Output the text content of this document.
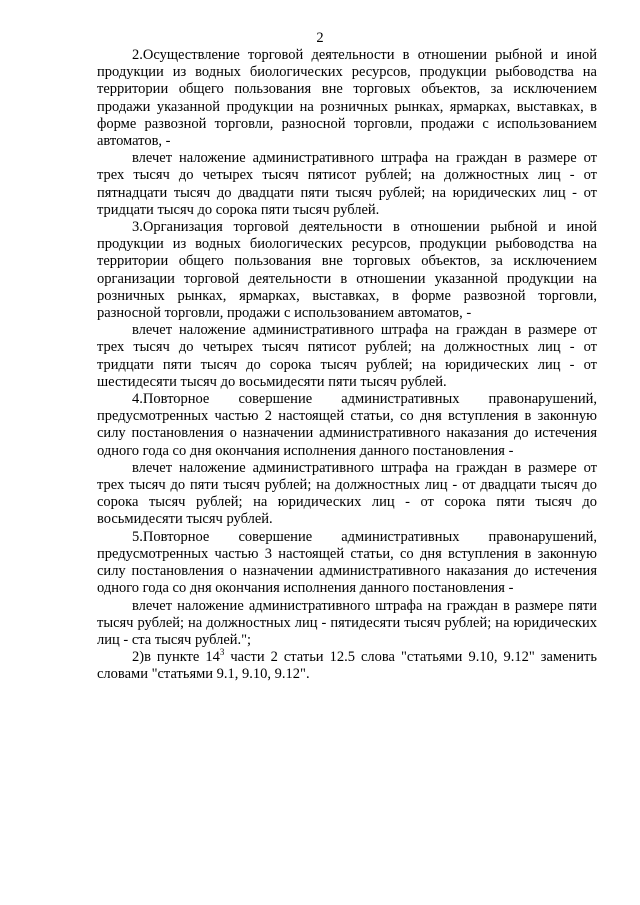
2

2.Осуществление торговой деятельности в отношении рыбной и иной продукции из водных биологических ресурсов, продукции рыбоводства на территории общего пользования вне торговых объектов, за исключением продажи указанной продукции на розничных рынках, ярмарках, выставках, в форме развозной торговли, разносной торговли, продажи с использованием автоматов, -

влечет наложение административного штрафа на граждан в размере от трех тысяч до четырех тысяч пятисот рублей; на должностных лиц - от пятнадцати тысяч до двадцати пяти тысяч рублей; на юридических лиц - от тридцати тысяч до сорока пяти тысяч рублей.

3.Организация торговой деятельности в отношении рыбной и иной продукции из водных биологических ресурсов, продукции рыбоводства на территории общего пользования вне торговых объектов, за исключением организации торговой деятельности в отношении указанной продукции на розничных рынках, ярмарках, выставках, в форме развозной торговли, разносной торговли, продажи с использованием автоматов, -

влечет наложение административного штрафа на граждан в размере от трех тысяч до четырех тысяч пятисот рублей; на должностных лиц - от тридцати пяти тысяч до сорока тысяч рублей; на юридических лиц - от шестидесяти тысяч до восьмидесяти пяти тысяч рублей.

4.Повторное совершение административных правонарушений, предусмотренных частью 2 настоящей статьи, со дня вступления в законную силу постановления о назначении административного наказания до истечения одного года со дня окончания исполнения данного постановления -

влечет наложение административного штрафа на граждан в размере от трех тысяч до пяти тысяч рублей; на должностных лиц - от двадцати тысяч до сорока тысяч рублей; на юридических лиц - от сорока пяти тысяч до восьмидесяти тысяч рублей.

5.Повторное совершение административных правонарушений, предусмотренных частью 3 настоящей статьи, со дня вступления в законную силу постановления о назначении административного наказания до истечения одного года со дня окончания исполнения данного постановления -

влечет наложение административного штрафа на граждан в размере пяти тысяч рублей; на должностных лиц - пятидесяти тысяч рублей; на юридических лиц - ста тысяч рублей.";

2)в пункте $14^3$ части 2 статьи 12.5 слова "статьями 9.10, 9.12" заменить словами "статьями 9.1, 9.10, 9.12".
